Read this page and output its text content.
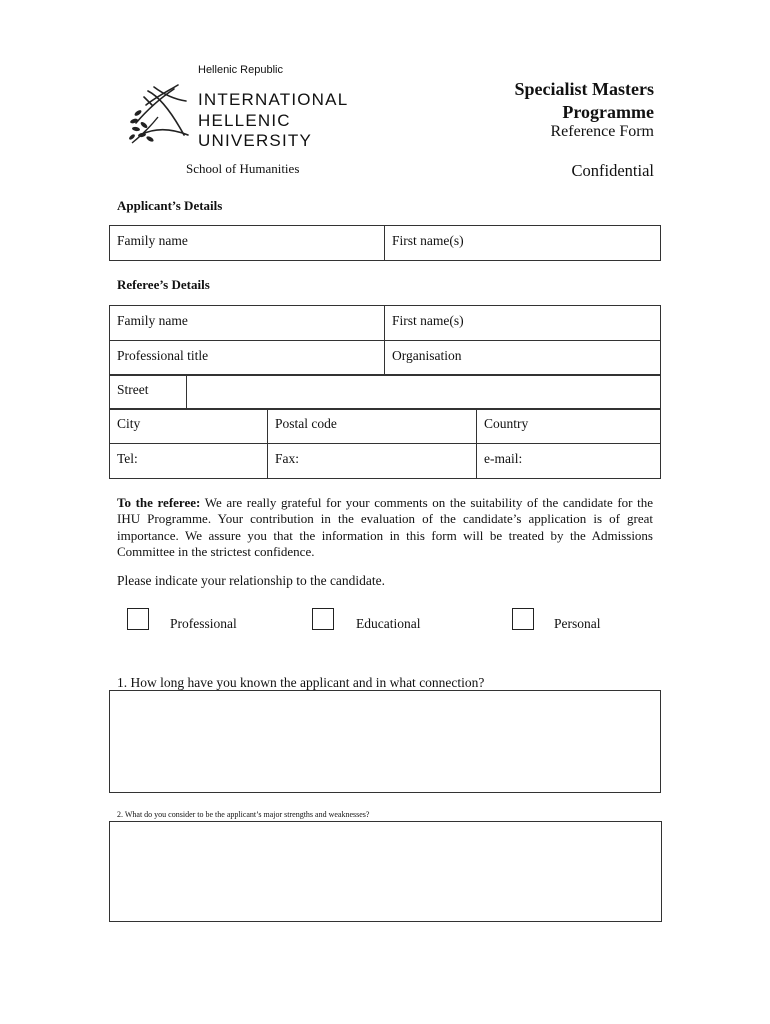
Hellenic Republic
INTERNATIONAL
HELLENIC
UNIVERSITY
School of Humanities
Specialist Masters
Programme
Reference Form
Confidential
Applicant’s Details
Family name	First name(s)
Referee’s Details
Family name	First name(s)
Professional title	Organisation
Street	
City	Postal code	Country
Tel:	Fax:	e-mail:

To the referee: We are really grateful for your comments on the suitability of the candidate for the IHU Programme. Your contribution in the evaluation of the candidate’s application is of great importance. We assure you that the information in this form will be treated by the Admissions Committee in the strictest confidence.

Please indicate your relationship to the candidate.
Professional	Educational	Personal
1. How long have you known the applicant and in what connection?
2. What do you consider to be the applicant’s major strengths and weaknesses?
